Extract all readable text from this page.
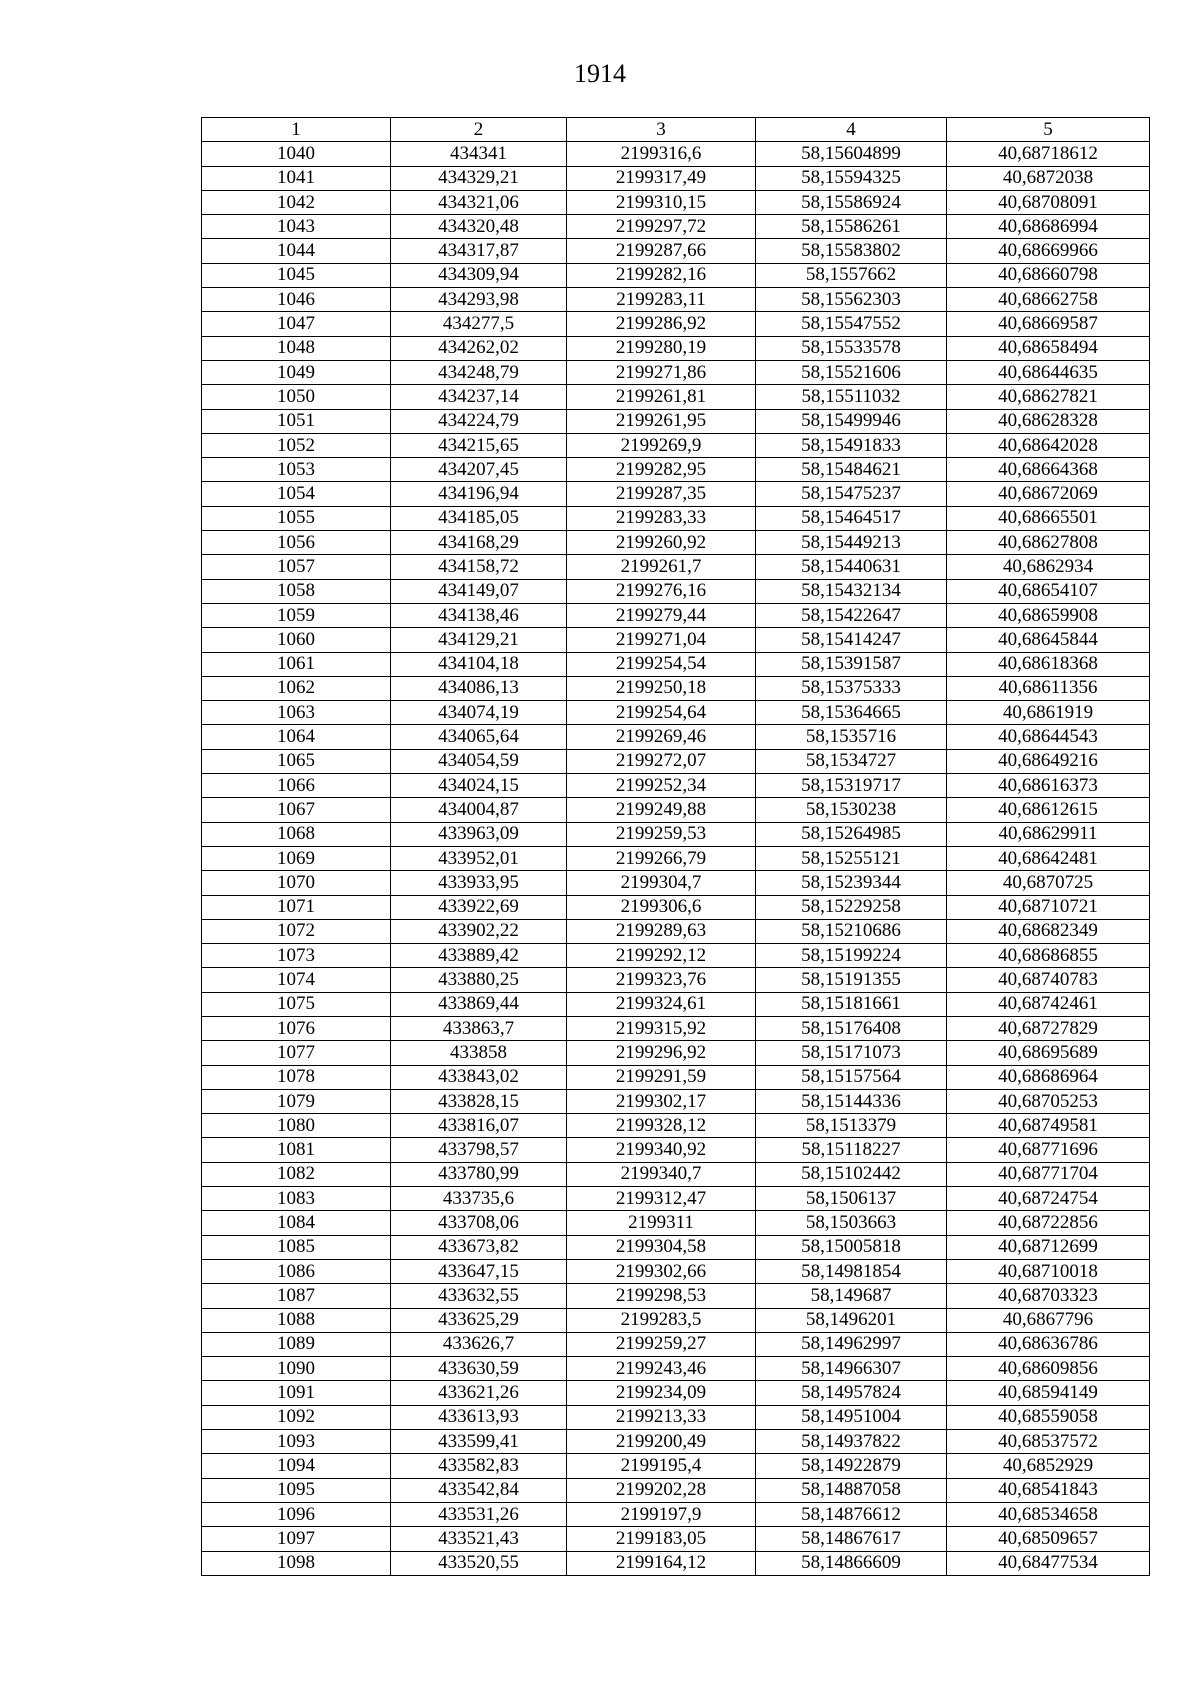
1914
1	2	3	4	5
1040	434341	2199316,6	58,15604899	40,68718612
1041	434329,21	2199317,49	58,15594325	40,6872038
1042	434321,06	2199310,15	58,15586924	40,68708091
1043	434320,48	2199297,72	58,15586261	40,68686994
1044	434317,87	2199287,66	58,15583802	40,68669966
1045	434309,94	2199282,16	58,1557662	40,68660798
1046	434293,98	2199283,11	58,15562303	40,68662758
1047	434277,5	2199286,92	58,15547552	40,68669587
1048	434262,02	2199280,19	58,15533578	40,68658494
1049	434248,79	2199271,86	58,15521606	40,68644635
1050	434237,14	2199261,81	58,15511032	40,68627821
1051	434224,79	2199261,95	58,15499946	40,68628328
1052	434215,65	2199269,9	58,15491833	40,68642028
1053	434207,45	2199282,95	58,15484621	40,68664368
1054	434196,94	2199287,35	58,15475237	40,68672069
1055	434185,05	2199283,33	58,15464517	40,68665501
1056	434168,29	2199260,92	58,15449213	40,68627808
1057	434158,72	2199261,7	58,15440631	40,6862934
1058	434149,07	2199276,16	58,15432134	40,68654107
1059	434138,46	2199279,44	58,15422647	40,68659908
1060	434129,21	2199271,04	58,15414247	40,68645844
1061	434104,18	2199254,54	58,15391587	40,68618368
1062	434086,13	2199250,18	58,15375333	40,68611356
1063	434074,19	2199254,64	58,15364665	40,6861919
1064	434065,64	2199269,46	58,1535716	40,68644543
1065	434054,59	2199272,07	58,1534727	40,68649216
1066	434024,15	2199252,34	58,15319717	40,68616373
1067	434004,87	2199249,88	58,1530238	40,68612615
1068	433963,09	2199259,53	58,15264985	40,68629911
1069	433952,01	2199266,79	58,15255121	40,68642481
1070	433933,95	2199304,7	58,15239344	40,6870725
1071	433922,69	2199306,6	58,15229258	40,68710721
1072	433902,22	2199289,63	58,15210686	40,68682349
1073	433889,42	2199292,12	58,15199224	40,68686855
1074	433880,25	2199323,76	58,15191355	40,68740783
1075	433869,44	2199324,61	58,15181661	40,68742461
1076	433863,7	2199315,92	58,15176408	40,68727829
1077	433858	2199296,92	58,15171073	40,68695689
1078	433843,02	2199291,59	58,15157564	40,68686964
1079	433828,15	2199302,17	58,15144336	40,68705253
1080	433816,07	2199328,12	58,1513379	40,68749581
1081	433798,57	2199340,92	58,15118227	40,68771696
1082	433780,99	2199340,7	58,15102442	40,68771704
1083	433735,6	2199312,47	58,1506137	40,68724754
1084	433708,06	2199311	58,1503663	40,68722856
1085	433673,82	2199304,58	58,15005818	40,68712699
1086	433647,15	2199302,66	58,14981854	40,68710018
1087	433632,55	2199298,53	58,149687	40,68703323
1088	433625,29	2199283,5	58,1496201	40,6867796
1089	433626,7	2199259,27	58,14962997	40,68636786
1090	433630,59	2199243,46	58,14966307	40,68609856
1091	433621,26	2199234,09	58,14957824	40,68594149
1092	433613,93	2199213,33	58,14951004	40,68559058
1093	433599,41	2199200,49	58,14937822	40,68537572
1094	433582,83	2199195,4	58,14922879	40,6852929
1095	433542,84	2199202,28	58,14887058	40,68541843
1096	433531,26	2199197,9	58,14876612	40,68534658
1097	433521,43	2199183,05	58,14867617	40,68509657
1098	433520,55	2199164,12	58,14866609	40,68477534
